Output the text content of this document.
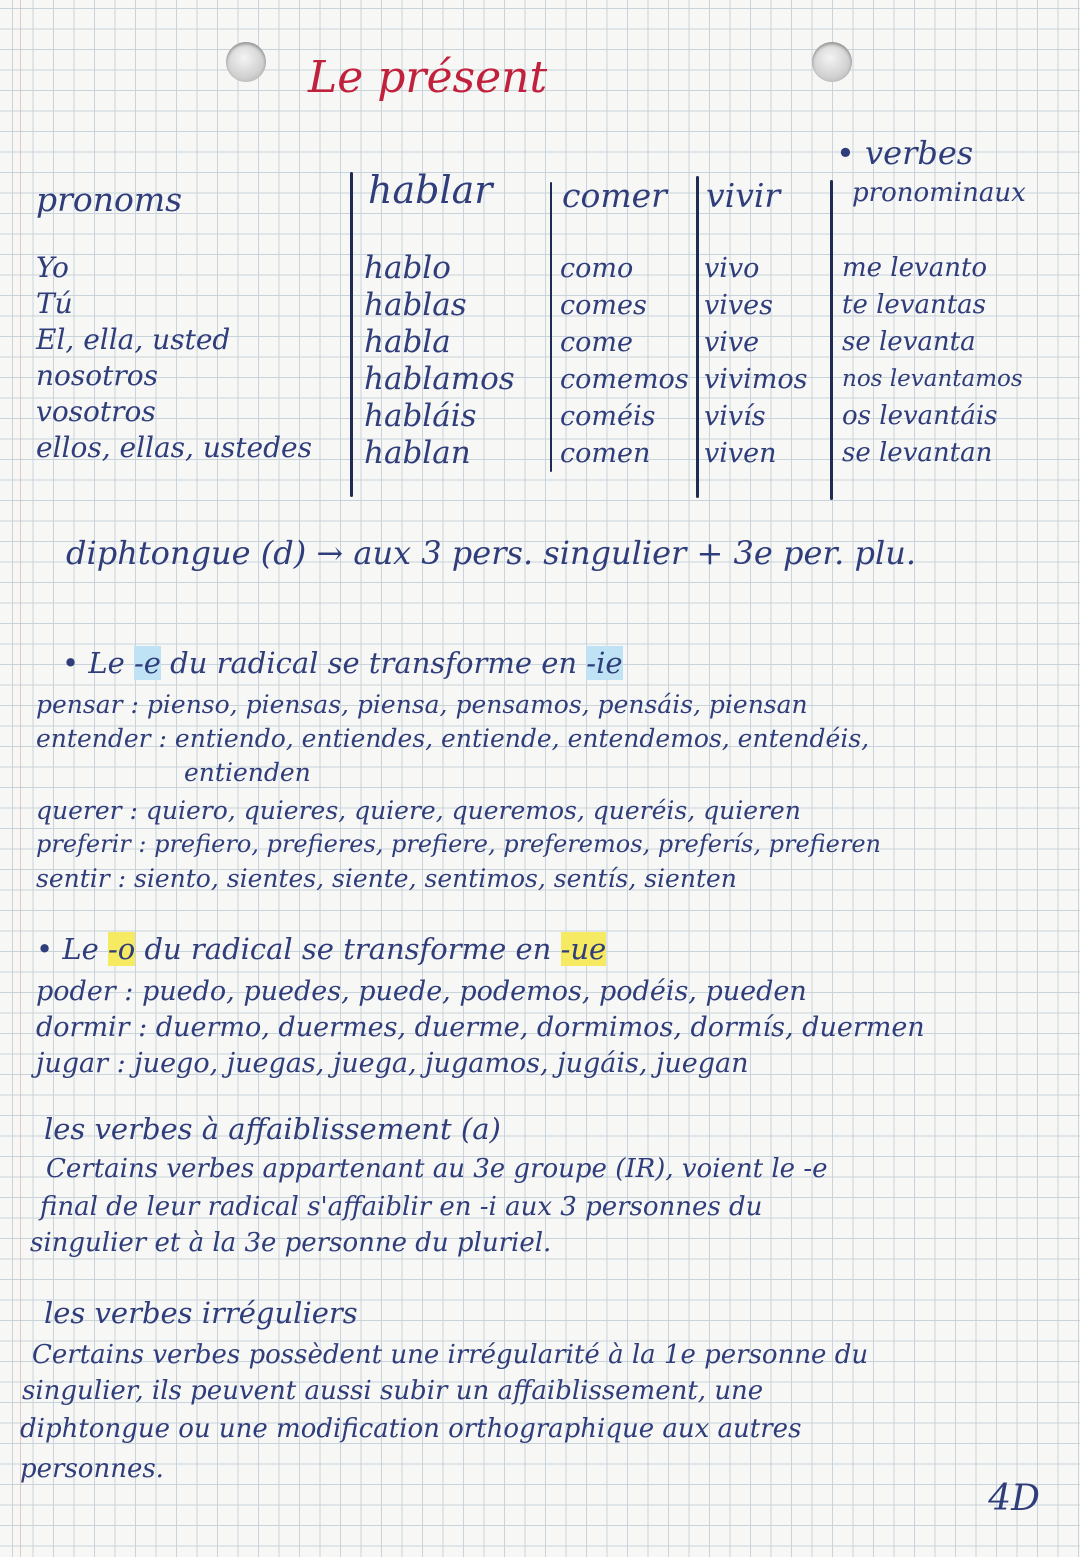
Le présent
pronoms	hablar comer vivir
• verbes
pronominaux
Yo
Tú
El, ella, usted
nosotros
vosotros
ellos, ellas, ustedes
hablo
hablas
habla
hablamos
habláis
hablan
como
comes
come
comemos
coméis
comen
vivo
vives
vive
vivimos
vivís
viven
me levanto
te levantas
se levanta
nos levantamos
os levantáis
se levantan
diphtongue (d) → aux 3 pers. singulier + 3e per. plu.
• Le -e du radical se transforme en -ie
pensar : pienso, piensas, piensa, pensamos, pensáis, piensan
entender : entiendo, entiendes, entiende, entendemos, entendéis,
entienden
querer : quiero, quieres, quiere, queremos, queréis, quieren
preferir : prefiero, prefieres, prefiere, preferemos, preferís, prefieren
sentir : siento, sientes, siente, sentimos, sentís, sienten
• Le -o du radical se transforme en -ue
poder : puedo, puedes, puede, podemos, podéis, pueden
dormir : duermo, duermes, duerme, dormimos, dormís, duermen
jugar : juego, juegas, juega, jugamos, jugáis, juegan
les verbes à affaiblissement (a)
Certains verbes appartenant au 3e groupe (IR), voient le -e
final de leur radical s'affaiblir en -i aux 3 personnes du
singulier et à la 3e personne du pluriel.
les verbes irréguliers
Certains verbes possèdent une irrégularité à la 1e personne du
singulier, ils peuvent aussi subir un affaiblissement, une
diphtongue ou une modification orthographique aux autres
personnes.
4D
